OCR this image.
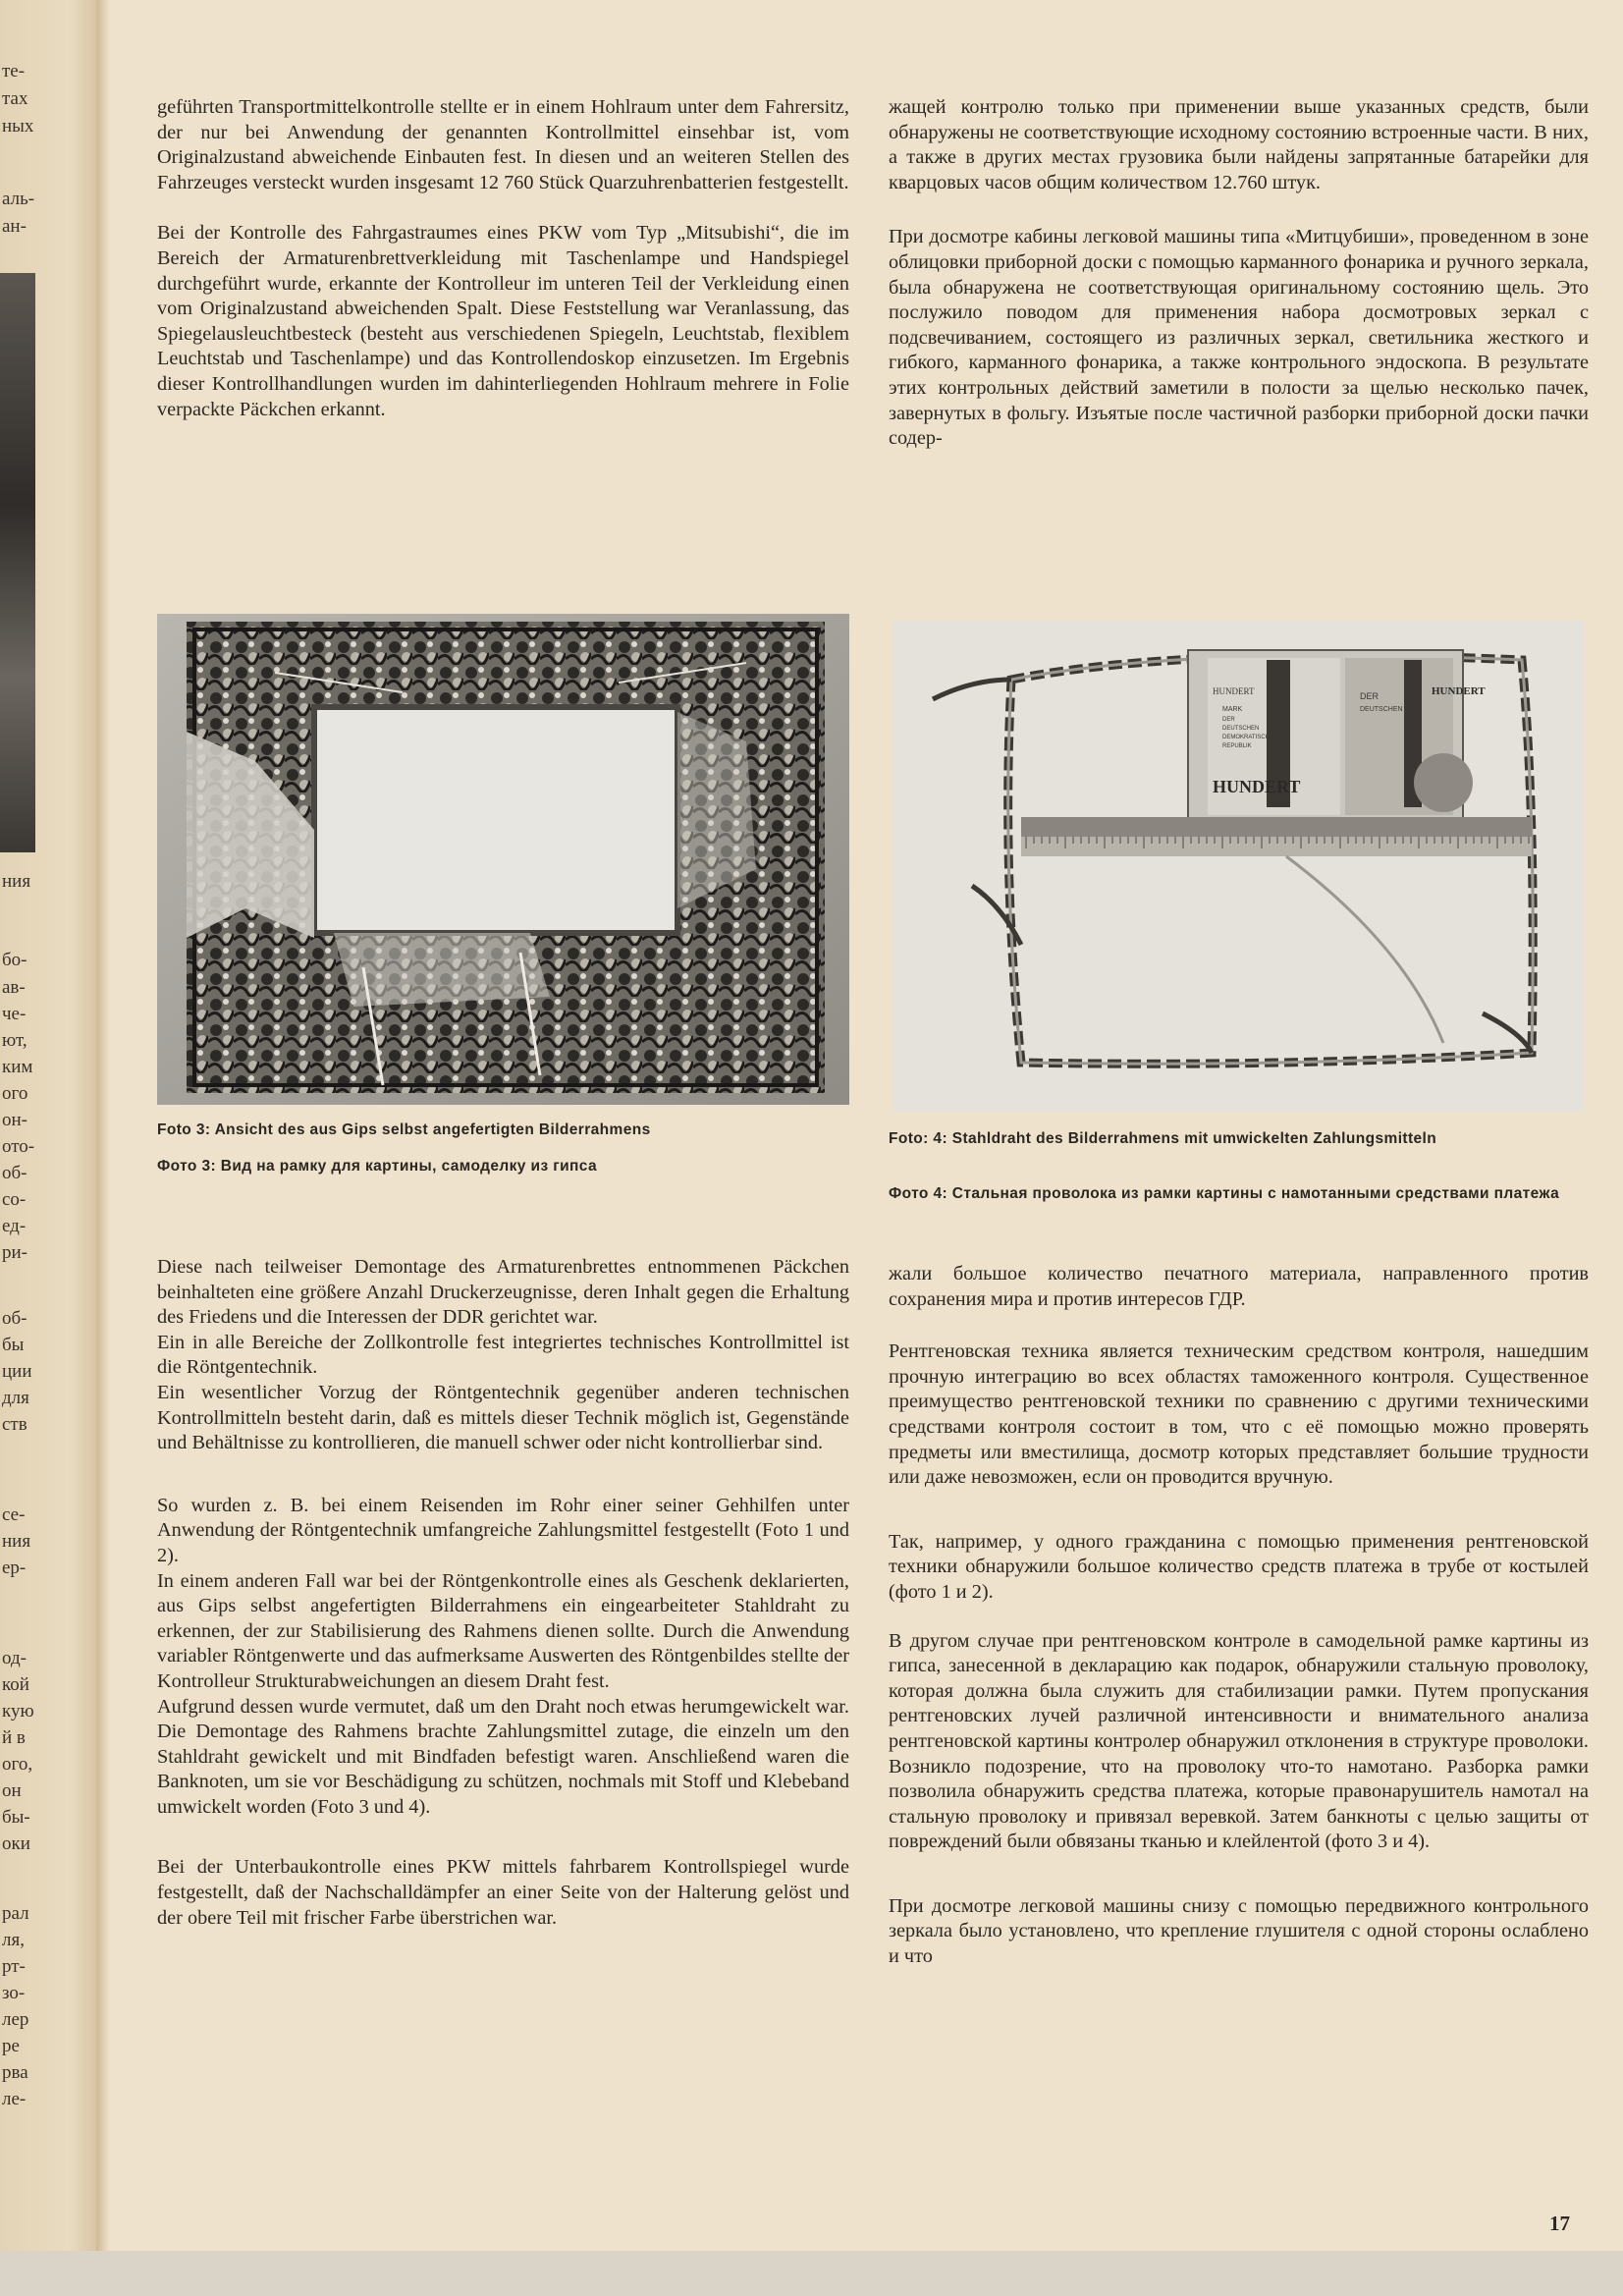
те-
тах
ных
аль-
ан-
ния
бо-
ав-
че-
ют,
ким
ого
он-
ото-
об-
со-
ед-
ри-
об-
бы
ции
для
ств
се-
ния
ер-
од-
кой
кую
й в
ого,
он
бы-
оки
рал
ля,
рт-
зо-
лер
ре
рва
ле-

geführten Transportmittelkontrolle stellte er in einem Hohlraum unter dem Fahrersitz, der nur bei Anwendung der genannten Kontrollmittel einsehbar ist, vom Originalzustand abweichende Einbauten fest. In diesen und an weiteren Stellen des Fahrzeuges versteckt wurden insgesamt 12 760 Stück Quarzuhrenbatterien festgestellt.

Bei der Kontrolle des Fahrgastraumes eines PKW vom Typ „Mitsubishi“, die im Bereich der Armaturenbrettverkleidung mit Taschenlampe und Handspiegel durchgeführt wurde, erkannte der Kontrolleur im unteren Teil der Verkleidung einen vom Originalzustand abweichenden Spalt. Diese Feststellung war Veranlassung, das Spiegelausleuchtbesteck (besteht aus verschiedenen Spiegeln, Leuchtstab, flexiblem Leuchtstab und Taschenlampe) und das Kontrollendoskop einzusetzen. Im Ergebnis dieser Kontrollhandlungen wurden im dahinterliegenden Hohlraum mehrere in Folie verpackte Päckchen erkannt.

жащей контролю только при применении выше указанных средств, были обнаружены не соответствующие исходному состоянию встроенные части. В них, а также в других местах грузовика были найдены запрятанные батарейки для кварцовых часов общим количеством 12.760 штук.

При досмотре кабины легковой машины типа «Митцубиши», проведенном в зоне облицовки приборной доски с помощью карманного фонарика и ручного зеркала, была обнаружена не соответствующая оригинальному состоянию щель. Это послужило поводом для применения набора досмотровых зеркал с подсвечиванием, состоящего из различных зеркал, светильника жесткого и гибкого, карманного фонарика, а также контрольного эндоскопа. В результате этих контрольных действий заметили в полости за щелью несколько пачек, завернутых в фольгу. Изъятые после частичной разборки приборной доски пачки содер-

Foto 3: Ansicht des aus Gips selbst angefertigten Bilderrahmens
Фото 3: Вид на рамку для картины, самоделку из гипса
HUNDERT
HUNDERT
MARK
DER
DEUTSCHEN
DEMOKRATISCHEN
REPUBLIK
DER
DEUTSCHEN
HUNDERT
Foto: 4: Stahldraht des Bilderrahmens mit umwickelten Zahlungsmitteln
Фото 4: Стальная проволока из рамки картины с намотанными средствами платежа

Diese nach teilweiser Demontage des Armaturenbrettes entnommenen Päckchen beinhalteten eine größere Anzahl Druckerzeugnisse, deren Inhalt gegen die Erhaltung des Friedens und die Interessen der DDR gerichtet war.

Ein in alle Bereiche der Zollkontrolle fest integriertes technisches Kontrollmittel ist die Röntgentechnik.

Ein wesentlicher Vorzug der Röntgentechnik gegenüber anderen technischen Kontrollmitteln besteht darin, daß es mittels dieser Technik möglich ist, Gegenstände und Behältnisse zu kontrollieren, die manuell schwer oder nicht kontrollierbar sind.

So wurden z. B. bei einem Reisenden im Rohr einer seiner Gehhilfen unter Anwendung der Röntgentechnik umfangreiche Zahlungsmittel festgestellt (Foto 1 und 2).

In einem anderen Fall war bei der Röntgenkontrolle eines als Geschenk deklarierten, aus Gips selbst angefertigten Bilderrahmens ein eingearbeiteter Stahldraht zu erkennen, der zur Stabilisierung des Rahmens dienen sollte. Durch die Anwendung variabler Röntgenwerte und das aufmerksame Auswerten des Röntgenbildes stellte der Kontrolleur Strukturabweichungen an diesem Draht fest.

Aufgrund dessen wurde vermutet, daß um den Draht noch etwas herumgewickelt war. Die Demontage des Rahmens brachte Zahlungsmittel zutage, die einzeln um den Stahldraht gewickelt und mit Bindfaden befestigt waren. Anschließend waren die Banknoten, um sie vor Beschädigung zu schützen, nochmals mit Stoff und Klebeband umwickelt worden (Foto 3 und 4).

Bei der Unterbaukontrolle eines PKW mittels fahrbarem Kontrollspiegel wurde festgestellt, daß der Nachschalldämpfer an einer Seite von der Halterung gelöst und der obere Teil mit frischer Farbe überstrichen war.

жали большое количество печатного материала, направленного против сохранения мира и против интересов ГДР.

Рентгеновская техника является техническим средством контроля, нашедшим прочную интеграцию во всех областях таможенного контроля. Существенное преимущество рентгеновской техники по сравнению с другими техническими средствами контроля состоит в том, что с её помощью можно проверять предметы или вместилища, досмотр которых представляет большие трудности или даже невозможен, если он проводится вручную.

Так, например, у одного гражданина с помощью применения рентгеновской техники обнаружили большое количество средств платежа в трубе от костылей (фото 1 и 2).

В другом случае при рентгеновском контроле в самодельной рамке картины из гипса, занесенной в декларацию как подарок, обнаружили стальную проволоку, которая должна была служить для стабилизации рамки. Путем пропускания рентгеновских лучей различной интенсивности и внимательного анализа рентгеновской картины контролер обнаружил отклонения в структуре проволоки. Возникло подозрение, что на проволоку что-то намотано. Разборка рамки позволила обнаружить средства платежа, которые правонарушитель намотал на стальную проволоку и привязал веревкой. Затем банкноты с целью защиты от повреждений были обвязаны тканью и клейлентой (фото 3 и 4).

При досмотре легковой машины снизу с помощью передвижного контрольного зеркала было установлено, что крепление глушителя с одной стороны ослаблено и что

17
